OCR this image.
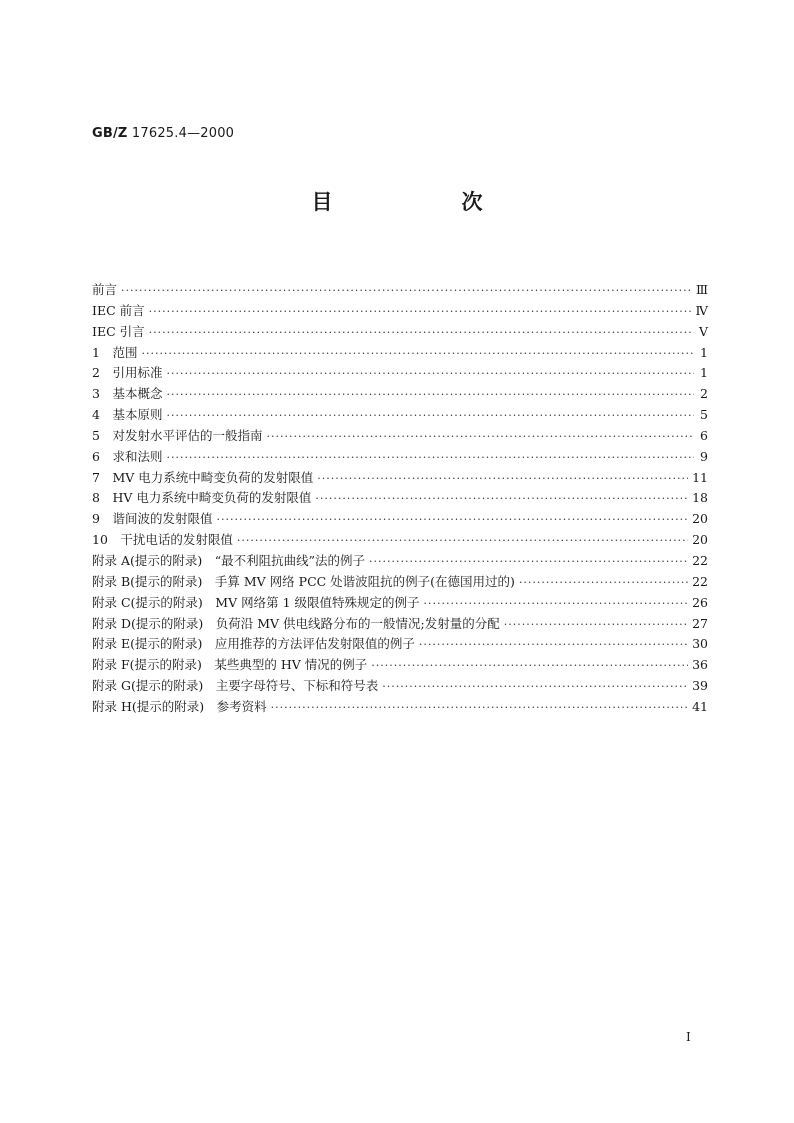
GB/Z 17625.4—2000
目　次
前言 ·····	Ⅲ
IEC 前言 ·····	Ⅳ
IEC 引言 ·····	Ⅴ
1　范围 ·····	1
2　引用标准 ·····	1
3　基本概念 ·····	2
4　基本原则 ·····	5
5　对发射水平评估的一般指南 ·····	6
6　求和法则 ·····	9
7　MV 电力系统中畸变负荷的发射限值 ·····	11
8　HV 电力系统中畸变负荷的发射限值 ·····	18
9　谐间波的发射限值 ·····	20
10　干扰电话的发射限值 ·····	20
附录 A(提示的附录)　“最不利阻抗曲线”法的例子 ·····	22
附录 B(提示的附录)　手算 MV 网络 PCC 处谐波阻抗的例子(在德国用过的) ·····	22
附录 C(提示的附录)　MV 网络第 1 级限值特殊规定的例子 ·····	26
附录 D(提示的附录)　负荷沿 MV 供电线路分布的一般情况;发射量的分配 ·····	27
附录 E(提示的附录)　应用推荐的方法评估发射限值的例子 ·····	30
附录 F(提示的附录)　某些典型的 HV 情况的例子 ·····	36
附录 G(提示的附录)　主要字母符号、下标和符号表 ·····	39
附录 H(提示的附录)　参考资料 ·····	41
I
